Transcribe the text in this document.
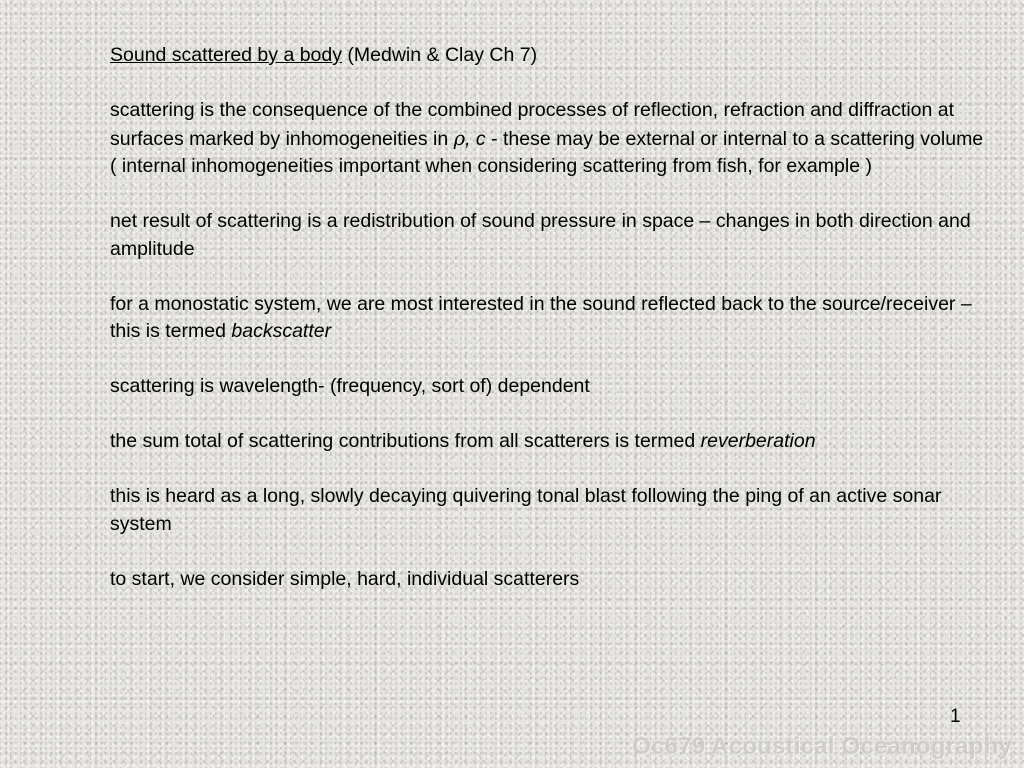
Sound scattered by a body (Medwin & Clay Ch 7)

scattering is the consequence of the combined processes of reflection, refraction and diffraction at surfaces marked by inhomogeneities in ρ, c - these may be external or internal to a scattering volume ( internal inhomogeneities important when considering scattering from fish, for example )

net result of scattering is a redistribution of sound pressure in space – changes in both direction and amplitude

for a monostatic system, we are most interested in the sound reflected back to the source/receiver – this is termed backscatter

scattering is wavelength- (frequency, sort of) dependent

the sum total of scattering contributions from all scatterers is termed reverberation

this is heard as a long, slowly decaying quivering tonal blast following the ping of an active sonar system

to start, we consider simple, hard, individual scatterers

1
Oc679 Acoustical Oceanography
